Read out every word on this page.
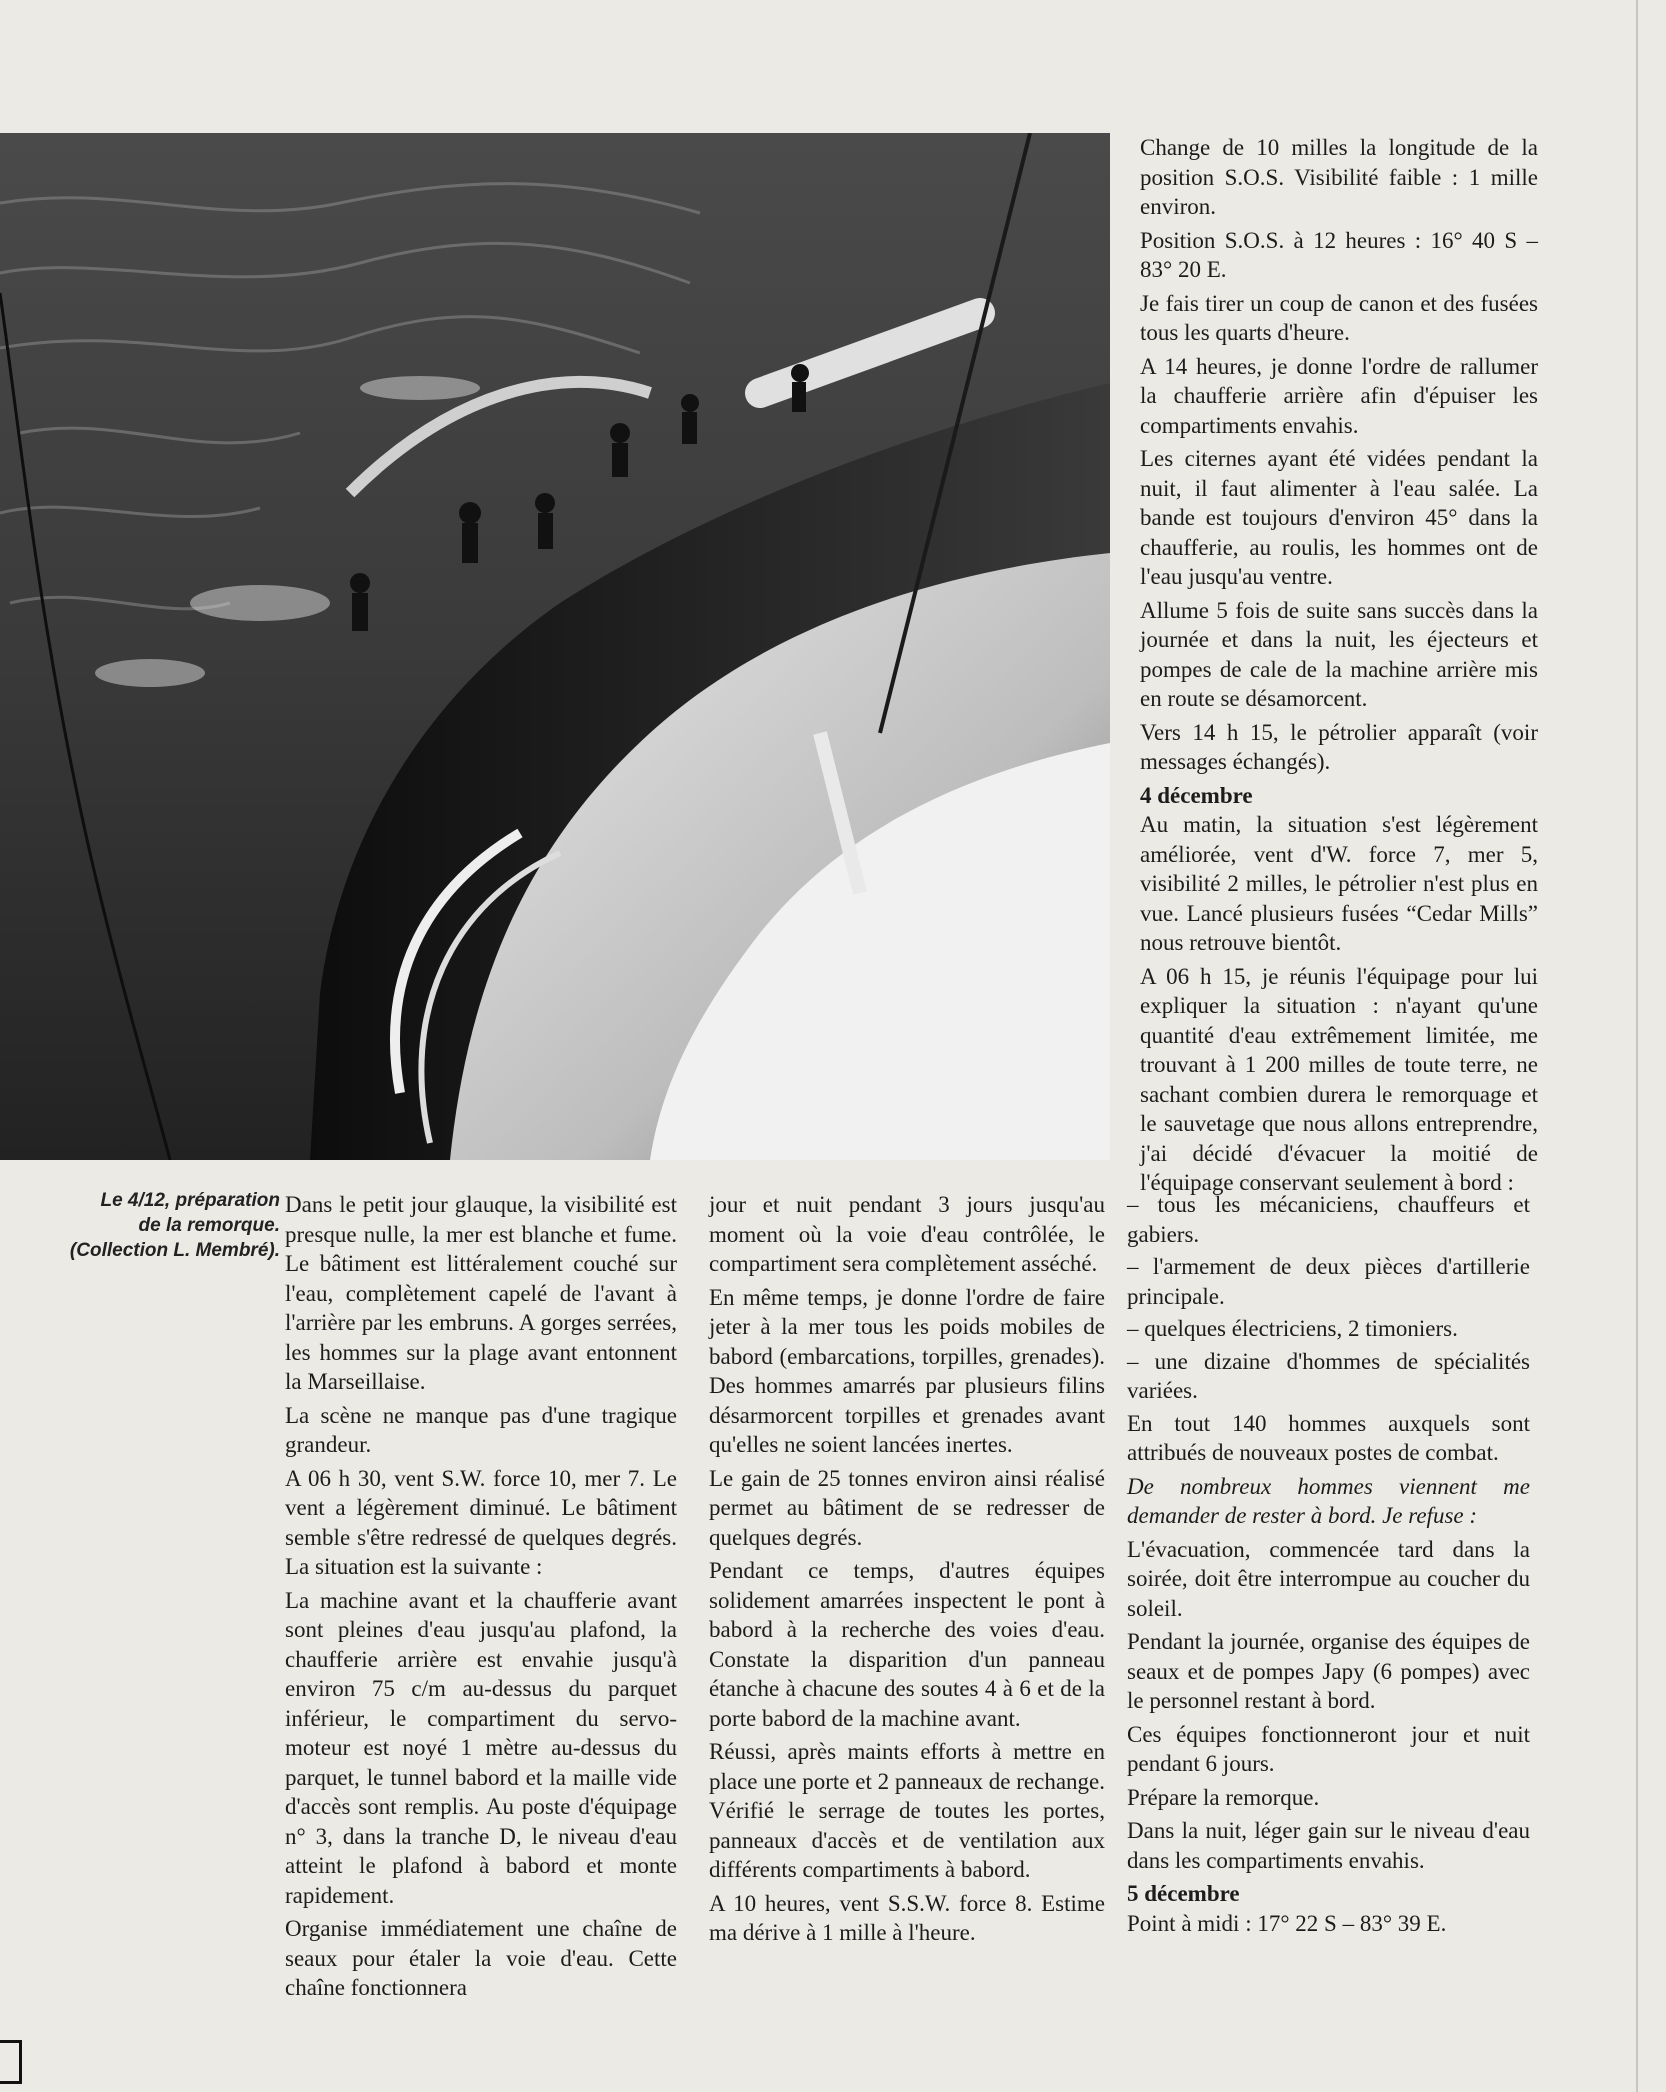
Le 4/12, préparation
de la remorque.
(Collection L. Membré).

Dans le petit jour glauque, la visibilité est presque nulle, la mer est blanche et fume. Le bâtiment est littéralement couché sur l'eau, complètement capelé de l'avant à l'arrière par les embruns. A gorges serrées, les hommes sur la plage avant entonnent la Marseillaise.

La scène ne manque pas d'une tragique grandeur.

A 06 h 30, vent S.W. force 10, mer 7. Le vent a légèrement diminué. Le bâtiment semble s'être redressé de quelques degrés. La situation est la suivante :

La machine avant et la chaufferie avant sont pleines d'eau jusqu'au plafond, la chaufferie arrière est envahie jusqu'à environ 75 c/m au-dessus du parquet inférieur, le compartiment du servo-moteur est noyé 1 mètre au-dessus du parquet, le tunnel babord et la maille vide d'accès sont remplis. Au poste d'équipage n° 3, dans la tranche D, le niveau d'eau atteint le plafond à babord et monte rapidement.

Organise immédiatement une chaîne de seaux pour étaler la voie d'eau. Cette chaîne fonctionnera

jour et nuit pendant 3 jours jusqu'au moment où la voie d'eau contrôlée, le compartiment sera complètement asséché.

En même temps, je donne l'ordre de faire jeter à la mer tous les poids mobiles de babord (embarcations, torpilles, grenades). Des hommes amarrés par plusieurs filins désarmorcent torpilles et grenades avant qu'elles ne soient lancées inertes.

Le gain de 25 tonnes environ ainsi réalisé permet au bâtiment de se redresser de quelques degrés.

Pendant ce temps, d'autres équipes solidement amarrées inspectent le pont à babord à la recherche des voies d'eau. Constate la disparition d'un panneau étanche à chacune des soutes 4 à 6 et de la porte babord de la machine avant.

Réussi, après maints efforts à mettre en place une porte et 2 panneaux de rechange. Vérifié le serrage de toutes les portes, panneaux d'accès et de ventilation aux différents compartiments à babord.

A 10 heures, vent S.S.W. force 8. Estime ma dérive à 1 mille à l'heure.

Change de 10 milles la longitude de la position S.O.S. Visibilité faible : 1 mille environ.

Position S.O.S. à 12 heures : 16° 40 S – 83° 20 E.

Je fais tirer un coup de canon et des fusées tous les quarts d'heure.

A 14 heures, je donne l'ordre de rallumer la chaufferie arrière afin d'épuiser les compartiments envahis.

Les citernes ayant été vidées pendant la nuit, il faut alimenter à l'eau salée. La bande est toujours d'environ 45° dans la chaufferie, au roulis, les hommes ont de l'eau jusqu'au ventre.

Allume 5 fois de suite sans succès dans la journée et dans la nuit, les éjecteurs et pompes de cale de la machine arrière mis en route se désamorcent.

Vers 14 h 15, le pétrolier apparaît (voir messages échangés).

4 décembre

Au matin, la situation s'est légèrement améliorée, vent d'W. force 7, mer 5, visibilité 2 milles, le pétrolier n'est plus en vue. Lancé plusieurs fusées “Cedar Mills” nous retrouve bientôt.

A 06 h 15, je réunis l'équipage pour lui expliquer la situation : n'ayant qu'une quantité d'eau extrêmement limitée, me trouvant à 1 200 milles de toute terre, ne sachant combien durera le remorquage et le sauvetage que nous allons entreprendre, j'ai décidé d'évacuer la moitié de l'équipage conservant seulement à bord :

– tous les mécaniciens, chauffeurs et gabiers.

– l'armement de deux pièces d'artillerie principale.

– quelques électriciens, 2 timoniers.

– une dizaine d'hommes de spécialités variées.

En tout 140 hommes auxquels sont attribués de nouveaux postes de combat.

De nombreux hommes viennent me demander de rester à bord. Je refuse :

L'évacuation, commencée tard dans la soirée, doit être interrompue au coucher du soleil.

Pendant la journée, organise des équipes de seaux et de pompes Japy (6 pompes) avec le personnel restant à bord.

Ces équipes fonctionneront jour et nuit pendant 6 jours.

Prépare la remorque.

Dans la nuit, léger gain sur le niveau d'eau dans les compartiments envahis.

5 décembre

Point à midi : 17° 22 S – 83° 39 E.
